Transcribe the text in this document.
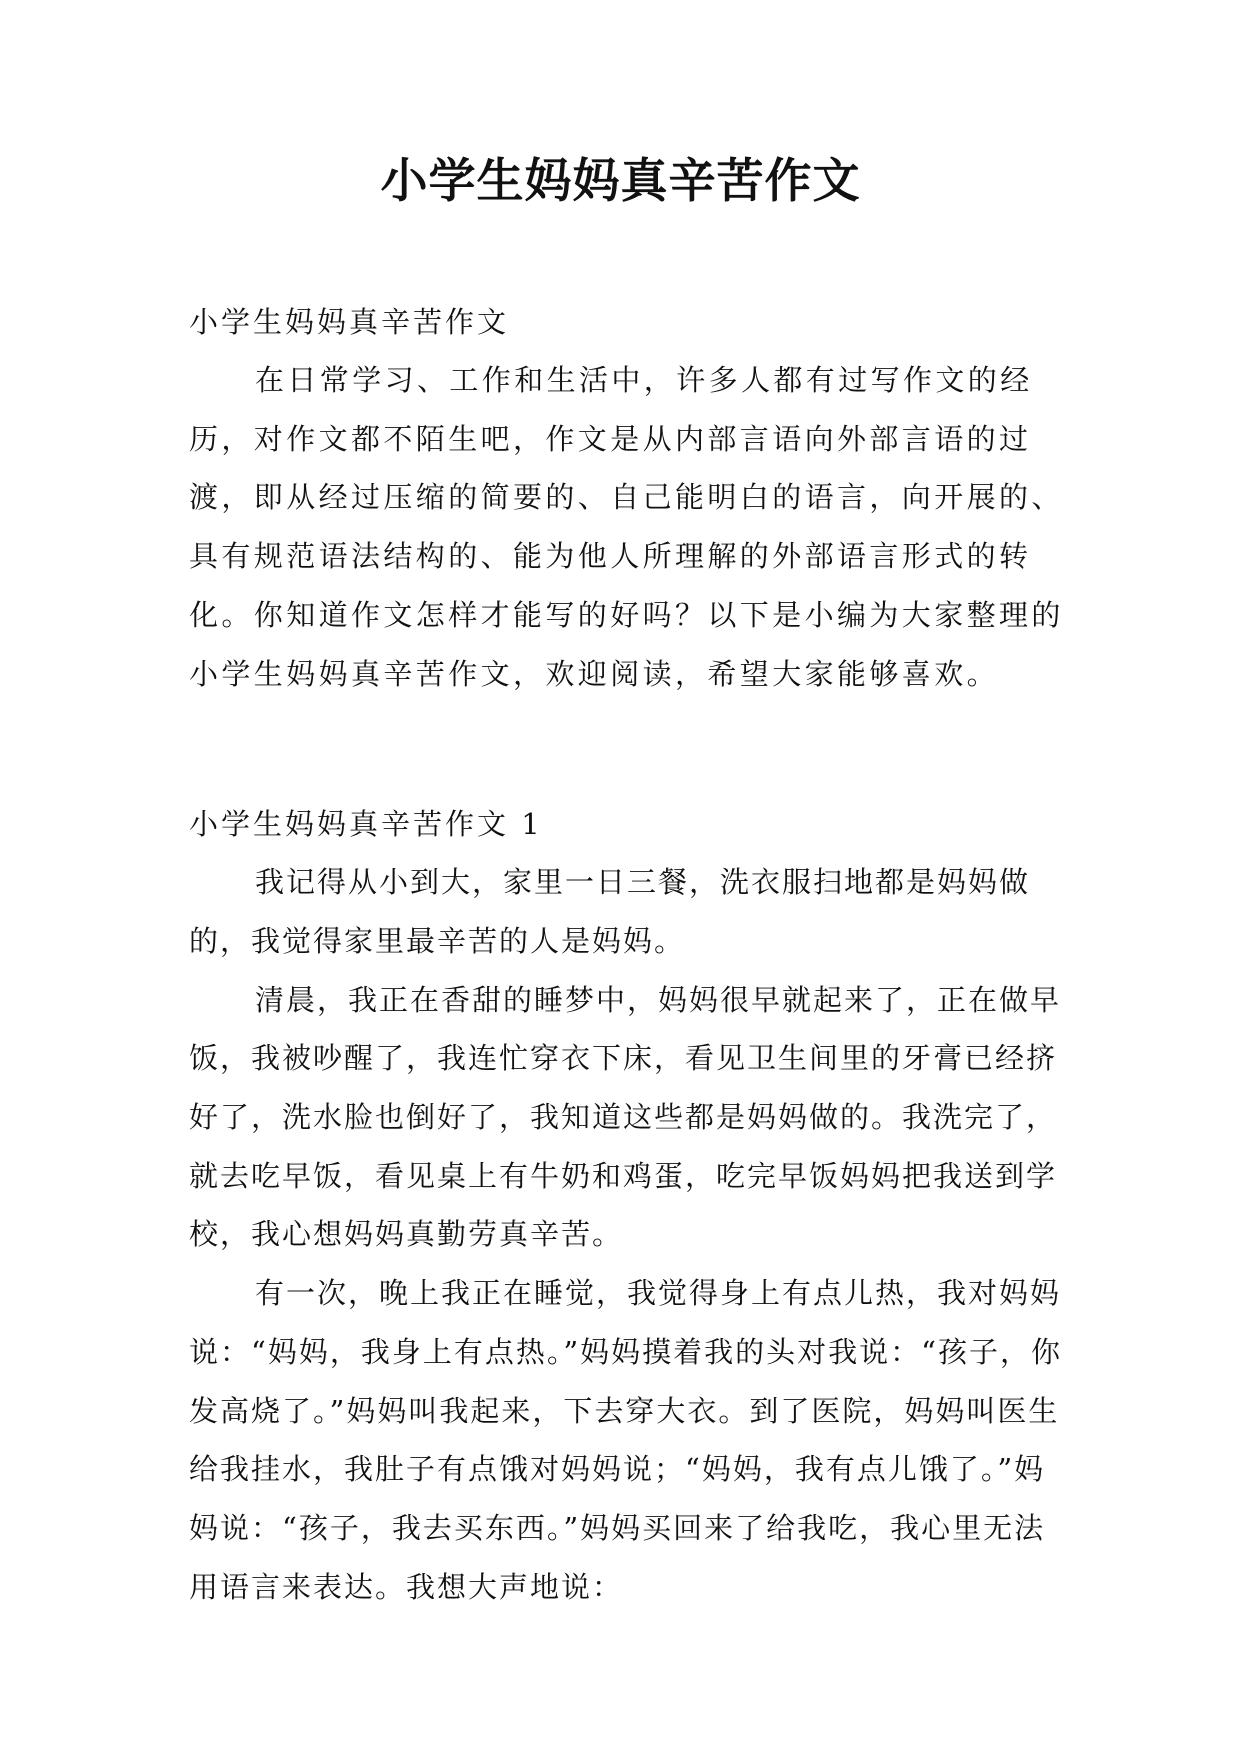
小学生妈妈真辛苦作文

小学生妈妈真辛苦作文

在日常学习、工作和生活中，许多人都有过写作文的经历，对作文都不陌生吧，作文是从内部言语向外部言语的过渡，即从经过压缩的简要的、自己能明白的语言，向开展的、具有规范语法结构的、能为他人所理解的外部语言形式的转化。你知道作文怎样才能写的好吗？以下是小编为大家整理的小学生妈妈真辛苦作文，欢迎阅读，希望大家能够喜欢。

小学生妈妈真辛苦作文 1

我记得从小到大，家里一日三餐，洗衣服扫地都是妈妈做的，我觉得家里最辛苦的人是妈妈。

清晨，我正在香甜的睡梦中，妈妈很早就起来了，正在做早饭，我被吵醒了，我连忙穿衣下床，看见卫生间里的牙膏已经挤好了，洗水脸也倒好了，我知道这些都是妈妈做的。我洗完了，就去吃早饭，看见桌上有牛奶和鸡蛋，吃完早饭妈妈把我送到学校，我心想妈妈真勤劳真辛苦。

有一次，晚上我正在睡觉，我觉得身上有点儿热，我对妈妈说：“妈妈，我身上有点热。”妈妈摸着我的头对我说：“孩子，你发高烧了。”妈妈叫我起来，下去穿大衣。到了医院，妈妈叫医生给我挂水，我肚子有点饿对妈妈说；“妈妈，我有点儿饿了。”妈妈说：“孩子，我去买东西。”妈妈买回来了给我吃，我心里无法用语言来表达。我想大声地说：
